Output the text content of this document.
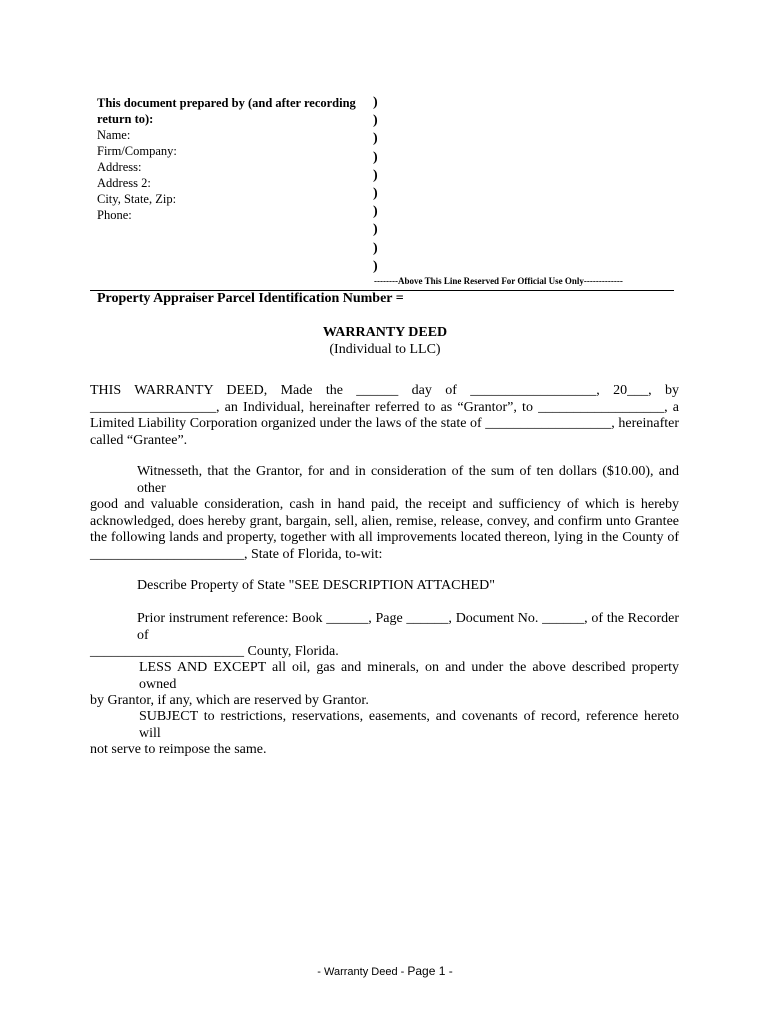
This document prepared by (and after recording
return to):
Name:
Firm/Company:
Address:
Address 2:
City, State, Zip:
Phone:
)
)
)
)
)
)
)
)
)
)
--------Above This Line Reserved For Official Use Only-------------
Property Appraiser Parcel Identification Number =
WARRANTY DEED
(Individual to LLC)
THIS WARRANTY DEED, Made the ______ day of __________________, 20___, by
__________________, an Individual, hereinafter referred to as “Grantor”, to __________________, a
Limited Liability Corporation organized under the laws of the state of __________________, hereinafter
called “Grantee”.
Witnesseth, that the Grantor, for and in consideration of the sum of ten dollars ($10.00), and other
good and valuable consideration, cash in hand paid, the receipt and sufficiency of which is hereby
acknowledged, does hereby grant, bargain, sell, alien, remise, release, convey, and confirm unto Grantee
the following lands and property, together with all improvements located thereon, lying in the County of
______________________, State of Florida, to-wit:
Describe Property of State "SEE DESCRIPTION ATTACHED"
Prior instrument reference: Book ______, Page ______, Document No. ______, of the Recorder of
______________________ County, Florida.
LESS AND EXCEPT all oil, gas and minerals, on and under the above described property owned
by Grantor, if any, which are reserved by Grantor.
SUBJECT to restrictions, reservations, easements, and covenants of record, reference hereto will
not serve to reimpose the same.
- Warranty Deed - Page 1 -
